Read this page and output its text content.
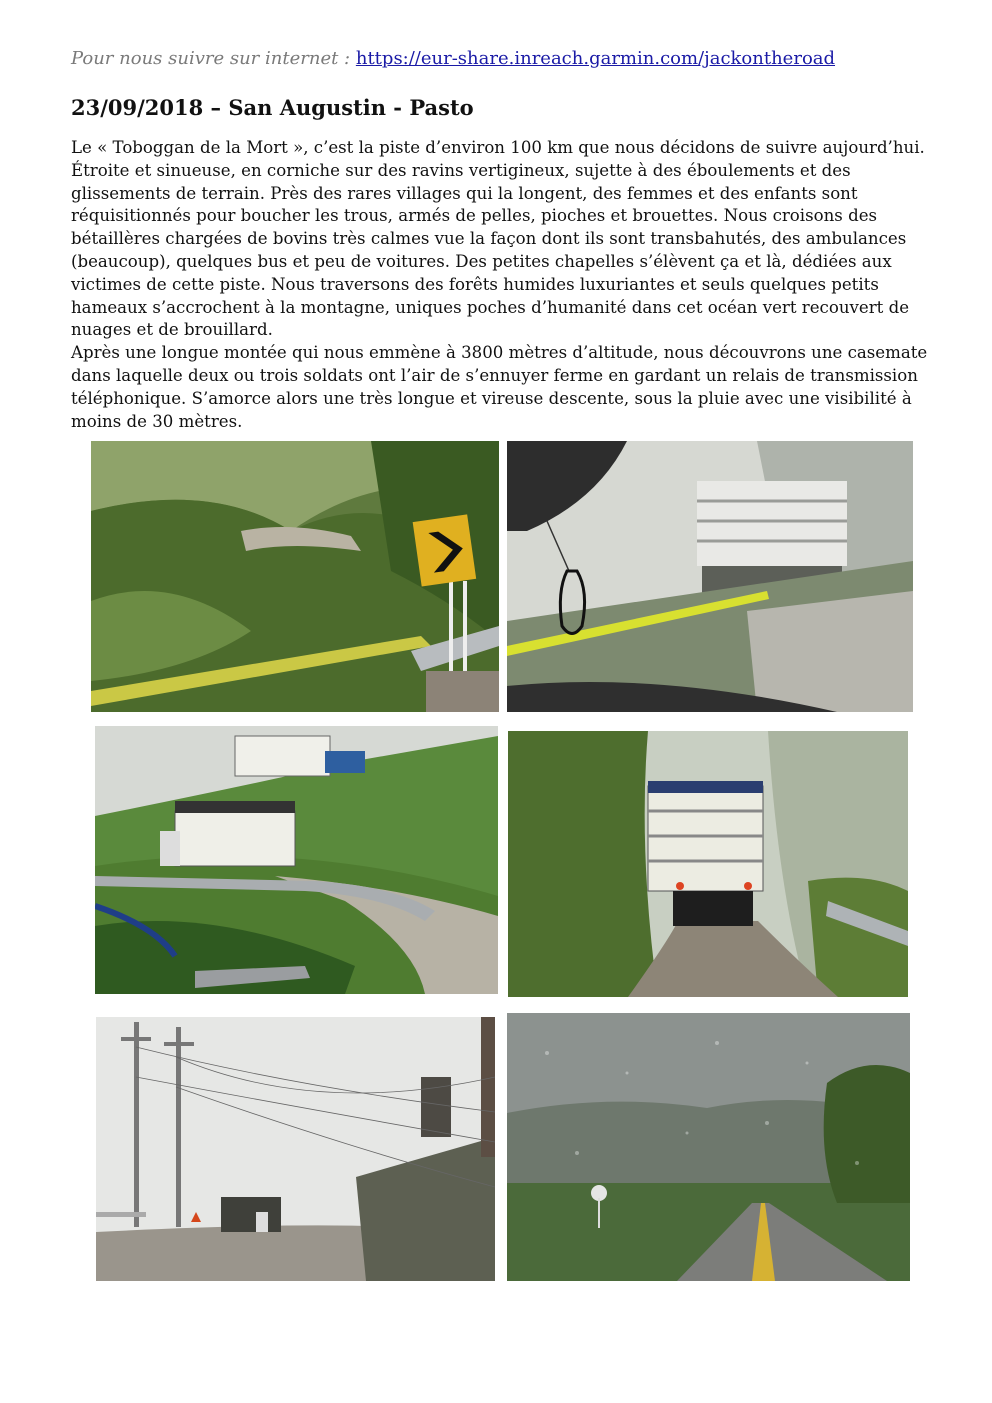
Pour nous suivre sur internet : https://eur-share.inreach.garmin.com/jackontheroad
23/09/2018 – San Augustin - Pasto

Le « Toboggan de la Mort », c’est la piste d’environ 100 km que nous décidons de suivre aujourd’hui. Étroite et sinueuse, en corniche sur des ravins vertigineux, sujette à des éboulements et des glissements de terrain. Près des rares villages qui la longent, des femmes et des enfants sont réquisitionnés pour boucher les trous, armés de pelles, pioches et brouettes. Nous croisons des bétaillères chargées de bovins très calmes vue la façon dont ils sont transbahutés, des ambulances (beaucoup), quelques bus et peu de voitures. Des petites chapelles s’élèvent ça et là, dédiées aux victimes de cette piste. Nous traversons des forêts humides luxuriantes et seuls quelques petits hameaux s’accrochent à la montagne, uniques poches d’humanité dans cet océan vert recouvert de nuages et de brouillard.

Après une longue montée qui nous emmène à 3800 mètres d’altitude, nous découvrons une casemate dans laquelle deux ou trois soldats ont l’air de s’ennuyer ferme en gardant un relais de transmission téléphonique. S’amorce alors une très longue et vireuse descente, sous la pluie avec une visibilité à moins de 30 mètres.
